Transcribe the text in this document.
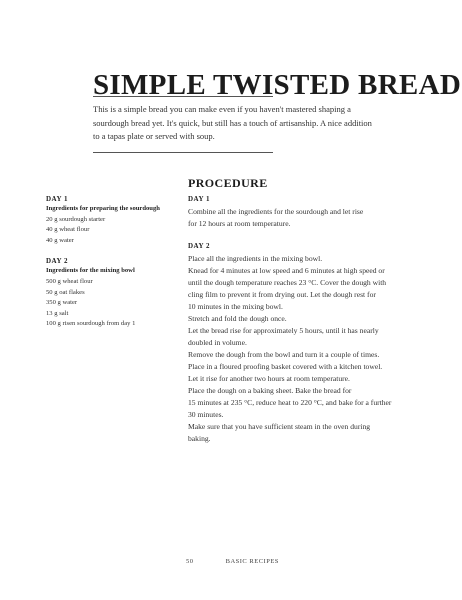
SIMPLE TWISTED BREAD

This is a simple bread you can make even if you haven't mastered shaping a sourdough bread yet. It's quick, but still has a touch of artisanship. A nice addition to a tapas plate or served with soup.

DAY 1
Ingredients for preparing the sourdough
20 g sourdough starter
40 g wheat flour
40 g water
DAY 2
Ingredients for the mixing bowl
500 g wheat flour
50 g oat flakes
350 g water
13 g salt
100 g risen sourdough from day 1
PROCEDURE
DAY 1
Combine all the ingredients for the sourdough and let rise
for 12 hours at room temperature.
DAY 2
Place all the ingredients in the mixing bowl.
Knead for 4 minutes at low speed and 6 minutes at high speed or
until the dough temperature reaches 23 °C. Cover the dough with
cling film to prevent it from drying out. Let the dough rest for
10 minutes in the mixing bowl.
Stretch and fold the dough once.
Let the bread rise for approximately 5 hours, until it has nearly
doubled in volume.
Remove the dough from the bowl and turn it a couple of times.
Place in a floured proofing basket covered with a kitchen towel.
Let it rise for another two hours at room temperature.
Place the dough on a baking sheet. Bake the bread for
15 minutes at 235 °C, reduce heat to 220 °C, and bake for a further
30 minutes.
Make sure that you have sufficient steam in the oven during
baking.
50	BASIC RECIPES
